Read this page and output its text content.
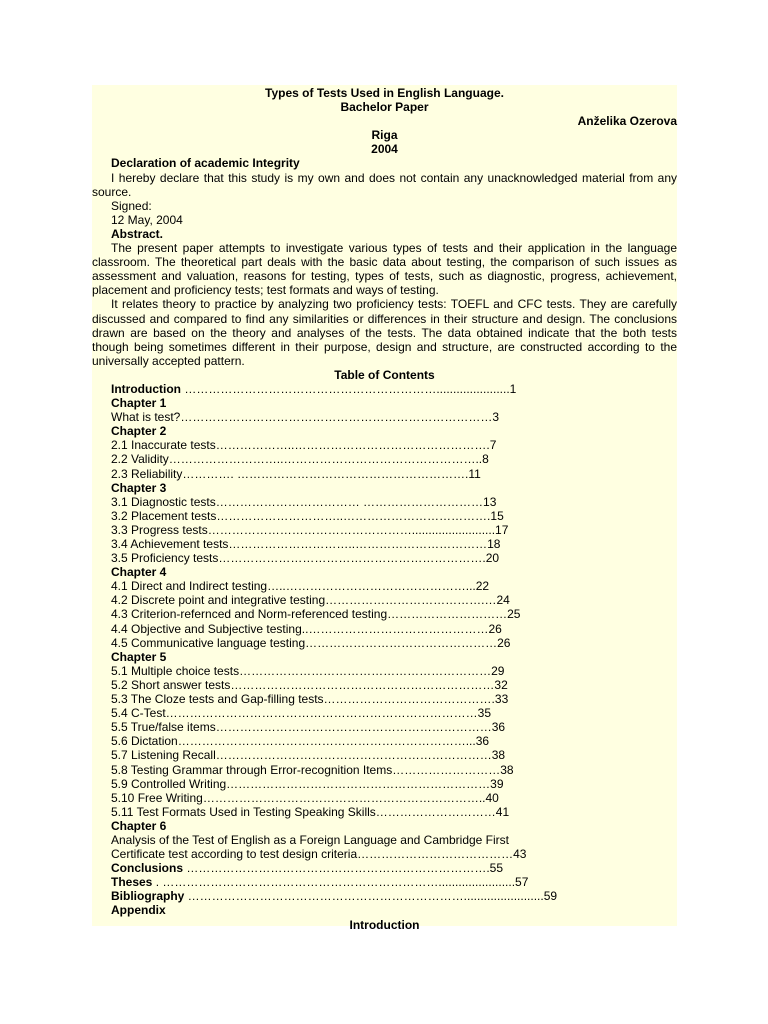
Types of Tests Used in English Language.
Bachelor Paper
Anželika Ozerova
Riga
2004
Declaration of academic Integrity
I hereby declare that this study is my own and does not contain any unacknowledged material from any source.
Signed:
12 May, 2004
Abstract.
The present paper attempts to investigate various types of tests and their application in the language classroom. The theoretical part deals with the basic data about testing, the comparison of such issues as assessment and valuation, reasons for testing, types of tests, such as diagnostic, progress, achievement, placement and proficiency tests; test formats and ways of testing.
It relates theory to practice by analyzing two proficiency tests: TOEFL and CFC tests. They are carefully discussed and compared to find any similarities or differences in their structure and design. The conclusions drawn are based on the theory and analyses of the tests. The data obtained indicate that the both tests though being sometimes different in their purpose, design and structure, are constructed according to the universally accepted pattern.
Table of Contents
Introduction ………………………………………………………......................1
Chapter 1
What is test?……………………………………………………………………3
Chapter 2
2.1 Inaccurate tests………………..………………………………………….7
2.2 Validity………………………..…………………………………………..8
2.3 Reliability…………. ………………………………………………….11
Chapter 3
3.1 Diagnostic tests……………………………… …………………………13
3.2 Placement tests…………………………..……………………………….15
3.3 Progress tests…………………………………………….........................17
3.4 Achievement tests…………………………..……………………………18
3.5 Proficiency tests………………………………………………………….20
Chapter 4
4.1 Direct and Indirect testing…..………………………………………...22
4.2 Discrete point and integrative testing………………………………….…24
4.3 Criterion-refernced and Norm-referenced testing…………………………25
4.4 Objective and Subjective testing..………………………………………26
4.5 Communicative language testing…………………………………………26
Chapter 5
5.1 Multiple choice tests………………………………………………………29
5.2 Short answer tests…………………………………………………………32
5.3 The Cloze tests and Gap-filling tests…………………………………….33
5.4 C-Test……………………………………………………………………35
5.5 True/false items……………………………………………………………36
5.6 Dictation………………………………………………………………...36
5.7 Listening Recall……………………………………………………………38
5.8 Testing Grammar through Error-recognition Items………………………38
5.9 Controlled Writing…………………………………………………………39
5.10 Free Writing……………………………………………………………..40
5.11 Test Formats Used in Testing Speaking Skills…………………………41
Chapter 6
Analysis of the Test of English as a Foreign Language and Cambridge First
Certificate test according to test design criteria…………………………………43
Conclusions ………………………………………………………………….55
Theses . …………………………………………………………….......................57
Bibliography ……………………………………………………………........................59
Appendix
Introduction
